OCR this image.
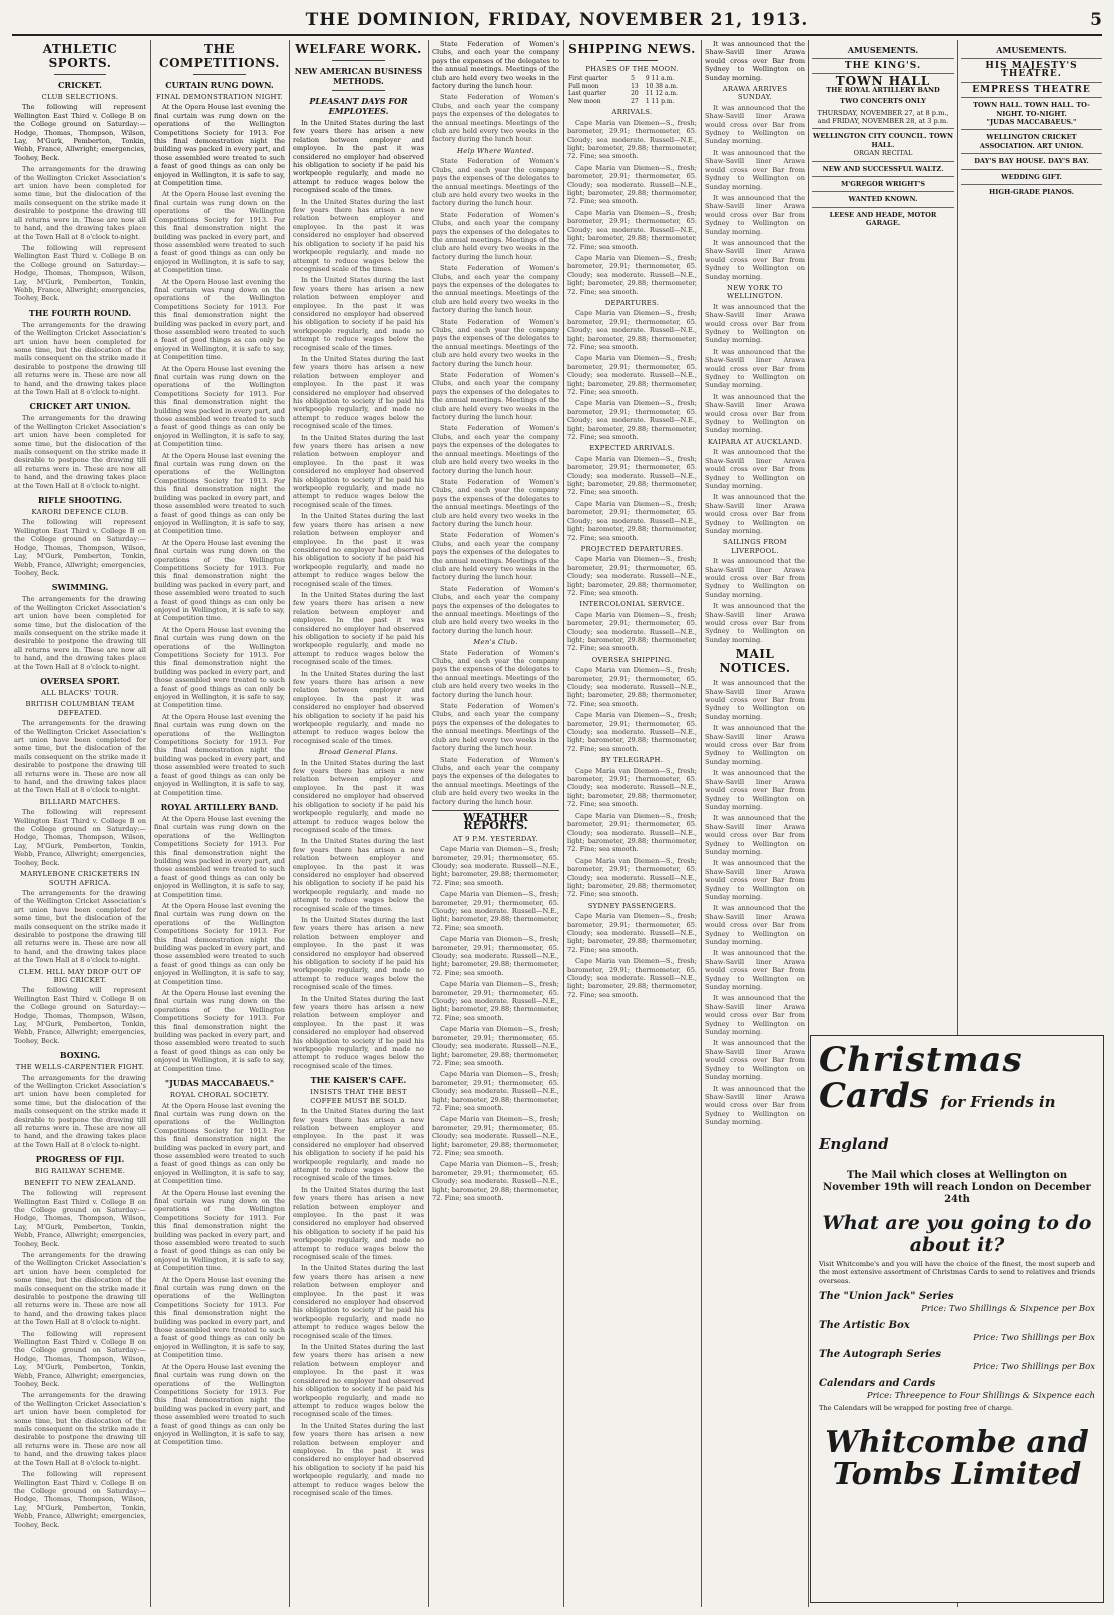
THE DOMINION, FRIDAY, NOVEMBER 21, 1913.	5
ATHLETIC SPORTS.
CRICKET.
CLUB SELECTIONS.

The following will represent Wellington East Third v. College B on the College ground on Saturday:—Hodge, Thomas, Thompson, Wilson, Lay, M'Gurk, Pemberton, Tonkin, Webb, France, Allwright; emergencies, Toohey, Beck.

The arrangements for the drawing of the Wellington Cricket Association's art union have been completed for some time, but the dislocation of the mails consequent on the strike made it desirable to postpone the drawing till all returns were in. These are now all to hand, and the drawing takes place at the Town Hall at 8 o'clock to-night.

The following will represent Wellington East Third v. College B on the College ground on Saturday:—Hodge, Thomas, Thompson, Wilson, Lay, M'Gurk, Pemberton, Tonkin, Webb, France, Allwright; emergencies, Toohey, Beck.

THE FOURTH ROUND.

The arrangements for the drawing of the Wellington Cricket Association's art union have been completed for some time, but the dislocation of the mails consequent on the strike made it desirable to postpone the drawing till all returns were in. These are now all to hand, and the drawing takes place at the Town Hall at 8 o'clock to-night.

CRICKET ART UNION.

The arrangements for the drawing of the Wellington Cricket Association's art union have been completed for some time, but the dislocation of the mails consequent on the strike made it desirable to postpone the drawing till all returns were in. These are now all to hand, and the drawing takes place at the Town Hall at 8 o'clock to-night.

RIFLE SHOOTING.
KARORI DEFENCE CLUB.

The following will represent Wellington East Third v. College B on the College ground on Saturday:—Hodge, Thomas, Thompson, Wilson, Lay, M'Gurk, Pemberton, Tonkin, Webb, France, Allwright; emergencies, Toohey, Beck.

SWIMMING.

The arrangements for the drawing of the Wellington Cricket Association's art union have been completed for some time, but the dislocation of the mails consequent on the strike made it desirable to postpone the drawing till all returns were in. These are now all to hand, and the drawing takes place at the Town Hall at 8 o'clock to-night.

OVERSEA SPORT.
ALL BLACKS' TOUR.
BRITISH COLUMBIAN TEAM DEFEATED.

The arrangements for the drawing of the Wellington Cricket Association's art union have been completed for some time, but the dislocation of the mails consequent on the strike made it desirable to postpone the drawing till all returns were in. These are now all to hand, and the drawing takes place at the Town Hall at 8 o'clock to-night.

BILLIARD MATCHES.

The following will represent Wellington East Third v. College B on the College ground on Saturday:—Hodge, Thomas, Thompson, Wilson, Lay, M'Gurk, Pemberton, Tonkin, Webb, France, Allwright; emergencies, Toohey, Beck.

MARYLEBONE CRICKETERS IN SOUTH AFRICA.

The arrangements for the drawing of the Wellington Cricket Association's art union have been completed for some time, but the dislocation of the mails consequent on the strike made it desirable to postpone the drawing till all returns were in. These are now all to hand, and the drawing takes place at the Town Hall at 8 o'clock to-night.

CLEM. HILL MAY DROP OUT OF BIG CRICKET.

The following will represent Wellington East Third v. College B on the College ground on Saturday:—Hodge, Thomas, Thompson, Wilson, Lay, M'Gurk, Pemberton, Tonkin, Webb, France, Allwright; emergencies, Toohey, Beck.

BOXING.
THE WELLS-CARPENTIER FIGHT.

The arrangements for the drawing of the Wellington Cricket Association's art union have been completed for some time, but the dislocation of the mails consequent on the strike made it desirable to postpone the drawing till all returns were in. These are now all to hand, and the drawing takes place at the Town Hall at 8 o'clock to-night.

PROGRESS OF FIJI.
BIG RAILWAY SCHEME.
BENEFIT TO NEW ZEALAND.

The following will represent Wellington East Third v. College B on the College ground on Saturday:—Hodge, Thomas, Thompson, Wilson, Lay, M'Gurk, Pemberton, Tonkin, Webb, France, Allwright; emergencies, Toohey, Beck.

The arrangements for the drawing of the Wellington Cricket Association's art union have been completed for some time, but the dislocation of the mails consequent on the strike made it desirable to postpone the drawing till all returns were in. These are now all to hand, and the drawing takes place at the Town Hall at 8 o'clock to-night.

The following will represent Wellington East Third v. College B on the College ground on Saturday:—Hodge, Thomas, Thompson, Wilson, Lay, M'Gurk, Pemberton, Tonkin, Webb, France, Allwright; emergencies, Toohey, Beck.

The arrangements for the drawing of the Wellington Cricket Association's art union have been completed for some time, but the dislocation of the mails consequent on the strike made it desirable to postpone the drawing till all returns were in. These are now all to hand, and the drawing takes place at the Town Hall at 8 o'clock to-night.

The following will represent Wellington East Third v. College B on the College ground on Saturday:—Hodge, Thomas, Thompson, Wilson, Lay, M'Gurk, Pemberton, Tonkin, Webb, France, Allwright; emergencies, Toohey, Beck.

THE COMPETITIONS.
CURTAIN RUNG DOWN.
FINAL DEMONSTRATION NIGHT.

At the Opera House last evening the final curtain was rung down on the operations of the Wellington Competitions Society for 1913. For this final demonstration night the building was packed in every part, and those assembled were treated to such a feast of good things as can only be enjoyed in Wellington, it is safe to say, at Competition time.

At the Opera House last evening the final curtain was rung down on the operations of the Wellington Competitions Society for 1913. For this final demonstration night the building was packed in every part, and those assembled were treated to such a feast of good things as can only be enjoyed in Wellington, it is safe to say, at Competition time.

At the Opera House last evening the final curtain was rung down on the operations of the Wellington Competitions Society for 1913. For this final demonstration night the building was packed in every part, and those assembled were treated to such a feast of good things as can only be enjoyed in Wellington, it is safe to say, at Competition time.

At the Opera House last evening the final curtain was rung down on the operations of the Wellington Competitions Society for 1913. For this final demonstration night the building was packed in every part, and those assembled were treated to such a feast of good things as can only be enjoyed in Wellington, it is safe to say, at Competition time.

At the Opera House last evening the final curtain was rung down on the operations of the Wellington Competitions Society for 1913. For this final demonstration night the building was packed in every part, and those assembled were treated to such a feast of good things as can only be enjoyed in Wellington, it is safe to say, at Competition time.

At the Opera House last evening the final curtain was rung down on the operations of the Wellington Competitions Society for 1913. For this final demonstration night the building was packed in every part, and those assembled were treated to such a feast of good things as can only be enjoyed in Wellington, it is safe to say, at Competition time.

At the Opera House last evening the final curtain was rung down on the operations of the Wellington Competitions Society for 1913. For this final demonstration night the building was packed in every part, and those assembled were treated to such a feast of good things as can only be enjoyed in Wellington, it is safe to say, at Competition time.

At the Opera House last evening the final curtain was rung down on the operations of the Wellington Competitions Society for 1913. For this final demonstration night the building was packed in every part, and those assembled were treated to such a feast of good things as can only be enjoyed in Wellington, it is safe to say, at Competition time.

ROYAL ARTILLERY BAND.

At the Opera House last evening the final curtain was rung down on the operations of the Wellington Competitions Society for 1913. For this final demonstration night the building was packed in every part, and those assembled were treated to such a feast of good things as can only be enjoyed in Wellington, it is safe to say, at Competition time.

At the Opera House last evening the final curtain was rung down on the operations of the Wellington Competitions Society for 1913. For this final demonstration night the building was packed in every part, and those assembled were treated to such a feast of good things as can only be enjoyed in Wellington, it is safe to say, at Competition time.

At the Opera House last evening the final curtain was rung down on the operations of the Wellington Competitions Society for 1913. For this final demonstration night the building was packed in every part, and those assembled were treated to such a feast of good things as can only be enjoyed in Wellington, it is safe to say, at Competition time.

"JUDAS MACCABAEUS."
ROYAL CHORAL SOCIETY.

At the Opera House last evening the final curtain was rung down on the operations of the Wellington Competitions Society for 1913. For this final demonstration night the building was packed in every part, and those assembled were treated to such a feast of good things as can only be enjoyed in Wellington, it is safe to say, at Competition time.

At the Opera House last evening the final curtain was rung down on the operations of the Wellington Competitions Society for 1913. For this final demonstration night the building was packed in every part, and those assembled were treated to such a feast of good things as can only be enjoyed in Wellington, it is safe to say, at Competition time.

At the Opera House last evening the final curtain was rung down on the operations of the Wellington Competitions Society for 1913. For this final demonstration night the building was packed in every part, and those assembled were treated to such a feast of good things as can only be enjoyed in Wellington, it is safe to say, at Competition time.

At the Opera House last evening the final curtain was rung down on the operations of the Wellington Competitions Society for 1913. For this final demonstration night the building was packed in every part, and those assembled were treated to such a feast of good things as can only be enjoyed in Wellington, it is safe to say, at Competition time.

WELFARE WORK.
NEW AMERICAN BUSINESS METHODS.
PLEASANT DAYS FOR EMPLOYEES.

In the United States during the last few years there has arisen a new relation between employer and employee. In the past it was considered no employer had observed his obligation to society if he paid his workpeople regularly, and made no attempt to reduce wages below the recognised scale of the times.

In the United States during the last few years there has arisen a new relation between employer and employee. In the past it was considered no employer had observed his obligation to society if he paid his workpeople regularly, and made no attempt to reduce wages below the recognised scale of the times.

In the United States during the last few years there has arisen a new relation between employer and employee. In the past it was considered no employer had observed his obligation to society if he paid his workpeople regularly, and made no attempt to reduce wages below the recognised scale of the times.

In the United States during the last few years there has arisen a new relation between employer and employee. In the past it was considered no employer had observed his obligation to society if he paid his workpeople regularly, and made no attempt to reduce wages below the recognised scale of the times.

In the United States during the last few years there has arisen a new relation between employer and employee. In the past it was considered no employer had observed his obligation to society if he paid his workpeople regularly, and made no attempt to reduce wages below the recognised scale of the times.

In the United States during the last few years there has arisen a new relation between employer and employee. In the past it was considered no employer had observed his obligation to society if he paid his workpeople regularly, and made no attempt to reduce wages below the recognised scale of the times.

In the United States during the last few years there has arisen a new relation between employer and employee. In the past it was considered no employer had observed his obligation to society if he paid his workpeople regularly, and made no attempt to reduce wages below the recognised scale of the times.

In the United States during the last few years there has arisen a new relation between employer and employee. In the past it was considered no employer had observed his obligation to society if he paid his workpeople regularly, and made no attempt to reduce wages below the recognised scale of the times.

Broad General Plans.

In the United States during the last few years there has arisen a new relation between employer and employee. In the past it was considered no employer had observed his obligation to society if he paid his workpeople regularly, and made no attempt to reduce wages below the recognised scale of the times.

In the United States during the last few years there has arisen a new relation between employer and employee. In the past it was considered no employer had observed his obligation to society if he paid his workpeople regularly, and made no attempt to reduce wages below the recognised scale of the times.

In the United States during the last few years there has arisen a new relation between employer and employee. In the past it was considered no employer had observed his obligation to society if he paid his workpeople regularly, and made no attempt to reduce wages below the recognised scale of the times.

In the United States during the last few years there has arisen a new relation between employer and employee. In the past it was considered no employer had observed his obligation to society if he paid his workpeople regularly, and made no attempt to reduce wages below the recognised scale of the times.

THE KAISER'S CAFE.
INSISTS THAT THE BEST COFFEE MUST BE SOLD.

In the United States during the last few years there has arisen a new relation between employer and employee. In the past it was considered no employer had observed his obligation to society if he paid his workpeople regularly, and made no attempt to reduce wages below the recognised scale of the times.

In the United States during the last few years there has arisen a new relation between employer and employee. In the past it was considered no employer had observed his obligation to society if he paid his workpeople regularly, and made no attempt to reduce wages below the recognised scale of the times.

In the United States during the last few years there has arisen a new relation between employer and employee. In the past it was considered no employer had observed his obligation to society if he paid his workpeople regularly, and made no attempt to reduce wages below the recognised scale of the times.

In the United States during the last few years there has arisen a new relation between employer and employee. In the past it was considered no employer had observed his obligation to society if he paid his workpeople regularly, and made no attempt to reduce wages below the recognised scale of the times.

In the United States during the last few years there has arisen a new relation between employer and employee. In the past it was considered no employer had observed his obligation to society if he paid his workpeople regularly, and made no attempt to reduce wages below the recognised scale of the times.

State Federation of Women's Clubs, and each year the company pays the expenses of the delegates to the annual meetings. Meetings of the club are held every two weeks in the factory during the lunch hour.

State Federation of Women's Clubs, and each year the company pays the expenses of the delegates to the annual meetings. Meetings of the club are held every two weeks in the factory during the lunch hour.

Help Where Wanted.

State Federation of Women's Clubs, and each year the company pays the expenses of the delegates to the annual meetings. Meetings of the club are held every two weeks in the factory during the lunch hour.

State Federation of Women's Clubs, and each year the company pays the expenses of the delegates to the annual meetings. Meetings of the club are held every two weeks in the factory during the lunch hour.

State Federation of Women's Clubs, and each year the company pays the expenses of the delegates to the annual meetings. Meetings of the club are held every two weeks in the factory during the lunch hour.

State Federation of Women's Clubs, and each year the company pays the expenses of the delegates to the annual meetings. Meetings of the club are held every two weeks in the factory during the lunch hour.

State Federation of Women's Clubs, and each year the company pays the expenses of the delegates to the annual meetings. Meetings of the club are held every two weeks in the factory during the lunch hour.

State Federation of Women's Clubs, and each year the company pays the expenses of the delegates to the annual meetings. Meetings of the club are held every two weeks in the factory during the lunch hour.

State Federation of Women's Clubs, and each year the company pays the expenses of the delegates to the annual meetings. Meetings of the club are held every two weeks in the factory during the lunch hour.

State Federation of Women's Clubs, and each year the company pays the expenses of the delegates to the annual meetings. Meetings of the club are held every two weeks in the factory during the lunch hour.

State Federation of Women's Clubs, and each year the company pays the expenses of the delegates to the annual meetings. Meetings of the club are held every two weeks in the factory during the lunch hour.

Men's Club.

State Federation of Women's Clubs, and each year the company pays the expenses of the delegates to the annual meetings. Meetings of the club are held every two weeks in the factory during the lunch hour.

State Federation of Women's Clubs, and each year the company pays the expenses of the delegates to the annual meetings. Meetings of the club are held every two weeks in the factory during the lunch hour.

State Federation of Women's Clubs, and each year the company pays the expenses of the delegates to the annual meetings. Meetings of the club are held every two weeks in the factory during the lunch hour.

WEATHER REPORTS.
AT 9 P.M. YESTERDAY.

Cape Maria van Diemen—S., fresh; barometer, 29.91; thermometer, 65. Cloudy; sea moderate. Russell—N.E., light; barometer, 29.88; thermometer, 72. Fine; sea smooth.

Cape Maria van Diemen—S., fresh; barometer, 29.91; thermometer, 65. Cloudy; sea moderate. Russell—N.E., light; barometer, 29.88; thermometer, 72. Fine; sea smooth.

Cape Maria van Diemen—S., fresh; barometer, 29.91; thermometer, 65. Cloudy; sea moderate. Russell—N.E., light; barometer, 29.88; thermometer, 72. Fine; sea smooth.

Cape Maria van Diemen—S., fresh; barometer, 29.91; thermometer, 65. Cloudy; sea moderate. Russell—N.E., light; barometer, 29.88; thermometer, 72. Fine; sea smooth.

Cape Maria van Diemen—S., fresh; barometer, 29.91; thermometer, 65. Cloudy; sea moderate. Russell—N.E., light; barometer, 29.88; thermometer, 72. Fine; sea smooth.

Cape Maria van Diemen—S., fresh; barometer, 29.91; thermometer, 65. Cloudy; sea moderate. Russell—N.E., light; barometer, 29.88; thermometer, 72. Fine; sea smooth.

Cape Maria van Diemen—S., fresh; barometer, 29.91; thermometer, 65. Cloudy; sea moderate. Russell—N.E., light; barometer, 29.88; thermometer, 72. Fine; sea smooth.

Cape Maria van Diemen—S., fresh; barometer, 29.91; thermometer, 65. Cloudy; sea moderate. Russell—N.E., light; barometer, 29.88; thermometer, 72. Fine; sea smooth.

SHIPPING NEWS.
PHASES OF THE MOON.
First quarter	5	9 11 a.m.
Full moon	13	10 38 a.m.
Last quarter	20	11 12 a.m.
New moon	27	1 11 p.m.
ARRIVALS.

Cape Maria van Diemen—S., fresh; barometer, 29.91; thermometer, 65. Cloudy; sea moderate. Russell—N.E., light; barometer, 29.88; thermometer, 72. Fine; sea smooth.

Cape Maria van Diemen—S., fresh; barometer, 29.91; thermometer, 65. Cloudy; sea moderate. Russell—N.E., light; barometer, 29.88; thermometer, 72. Fine; sea smooth.

Cape Maria van Diemen—S., fresh; barometer, 29.91; thermometer, 65. Cloudy; sea moderate. Russell—N.E., light; barometer, 29.88; thermometer, 72. Fine; sea smooth.

Cape Maria van Diemen—S., fresh; barometer, 29.91; thermometer, 65. Cloudy; sea moderate. Russell—N.E., light; barometer, 29.88; thermometer, 72. Fine; sea smooth.

DEPARTURES.

Cape Maria van Diemen—S., fresh; barometer, 29.91; thermometer, 65. Cloudy; sea moderate. Russell—N.E., light; barometer, 29.88; thermometer, 72. Fine; sea smooth.

Cape Maria van Diemen—S., fresh; barometer, 29.91; thermometer, 65. Cloudy; sea moderate. Russell—N.E., light; barometer, 29.88; thermometer, 72. Fine; sea smooth.

Cape Maria van Diemen—S., fresh; barometer, 29.91; thermometer, 65. Cloudy; sea moderate. Russell—N.E., light; barometer, 29.88; thermometer, 72. Fine; sea smooth.

EXPECTED ARRIVALS.

Cape Maria van Diemen—S., fresh; barometer, 29.91; thermometer, 65. Cloudy; sea moderate. Russell—N.E., light; barometer, 29.88; thermometer, 72. Fine; sea smooth.

Cape Maria van Diemen—S., fresh; barometer, 29.91; thermometer, 65. Cloudy; sea moderate. Russell—N.E., light; barometer, 29.88; thermometer, 72. Fine; sea smooth.

PROJECTED DEPARTURES.

Cape Maria van Diemen—S., fresh; barometer, 29.91; thermometer, 65. Cloudy; sea moderate. Russell—N.E., light; barometer, 29.88; thermometer, 72. Fine; sea smooth.

INTERCOLONIAL SERVICE.

Cape Maria van Diemen—S., fresh; barometer, 29.91; thermometer, 65. Cloudy; sea moderate. Russell—N.E., light; barometer, 29.88; thermometer, 72. Fine; sea smooth.

OVERSEA SHIPPING.

Cape Maria van Diemen—S., fresh; barometer, 29.91; thermometer, 65. Cloudy; sea moderate. Russell—N.E., light; barometer, 29.88; thermometer, 72. Fine; sea smooth.

Cape Maria van Diemen—S., fresh; barometer, 29.91; thermometer, 65. Cloudy; sea moderate. Russell—N.E., light; barometer, 29.88; thermometer, 72. Fine; sea smooth.

BY TELEGRAPH.

Cape Maria van Diemen—S., fresh; barometer, 29.91; thermometer, 65. Cloudy; sea moderate. Russell—N.E., light; barometer, 29.88; thermometer, 72. Fine; sea smooth.

Cape Maria van Diemen—S., fresh; barometer, 29.91; thermometer, 65. Cloudy; sea moderate. Russell—N.E., light; barometer, 29.88; thermometer, 72. Fine; sea smooth.

Cape Maria van Diemen—S., fresh; barometer, 29.91; thermometer, 65. Cloudy; sea moderate. Russell—N.E., light; barometer, 29.88; thermometer, 72. Fine; sea smooth.

SYDNEY PASSENGERS.

Cape Maria van Diemen—S., fresh; barometer, 29.91; thermometer, 65. Cloudy; sea moderate. Russell—N.E., light; barometer, 29.88; thermometer, 72. Fine; sea smooth.

Cape Maria van Diemen—S., fresh; barometer, 29.91; thermometer, 65. Cloudy; sea moderate. Russell—N.E., light; barometer, 29.88; thermometer, 72. Fine; sea smooth.

It was announced that the Shaw-Savill liner Arawa would cross over Bar from Sydney to Wellington on Sunday morning.

ARAWA ARRIVES SUNDAY.

It was announced that the Shaw-Savill liner Arawa would cross over Bar from Sydney to Wellington on Sunday morning.

It was announced that the Shaw-Savill liner Arawa would cross over Bar from Sydney to Wellington on Sunday morning.

It was announced that the Shaw-Savill liner Arawa would cross over Bar from Sydney to Wellington on Sunday morning.

It was announced that the Shaw-Savill liner Arawa would cross over Bar from Sydney to Wellington on Sunday morning.

NEW YORK TO WELLINGTON.

It was announced that the Shaw-Savill liner Arawa would cross over Bar from Sydney to Wellington on Sunday morning.

It was announced that the Shaw-Savill liner Arawa would cross over Bar from Sydney to Wellington on Sunday morning.

It was announced that the Shaw-Savill liner Arawa would cross over Bar from Sydney to Wellington on Sunday morning.

KAIPARA AT AUCKLAND.

It was announced that the Shaw-Savill liner Arawa would cross over Bar from Sydney to Wellington on Sunday morning.

It was announced that the Shaw-Savill liner Arawa would cross over Bar from Sydney to Wellington on Sunday morning.

SAILINGS FROM LIVERPOOL.

It was announced that the Shaw-Savill liner Arawa would cross over Bar from Sydney to Wellington on Sunday morning.

It was announced that the Shaw-Savill liner Arawa would cross over Bar from Sydney to Wellington on Sunday morning.

MAIL NOTICES.

It was announced that the Shaw-Savill liner Arawa would cross over Bar from Sydney to Wellington on Sunday morning.

It was announced that the Shaw-Savill liner Arawa would cross over Bar from Sydney to Wellington on Sunday morning.

It was announced that the Shaw-Savill liner Arawa would cross over Bar from Sydney to Wellington on Sunday morning.

It was announced that the Shaw-Savill liner Arawa would cross over Bar from Sydney to Wellington on Sunday morning.

It was announced that the Shaw-Savill liner Arawa would cross over Bar from Sydney to Wellington on Sunday morning.

It was announced that the Shaw-Savill liner Arawa would cross over Bar from Sydney to Wellington on Sunday morning.

It was announced that the Shaw-Savill liner Arawa would cross over Bar from Sydney to Wellington on Sunday morning.

It was announced that the Shaw-Savill liner Arawa would cross over Bar from Sydney to Wellington on Sunday morning.

It was announced that the Shaw-Savill liner Arawa would cross over Bar from Sydney to Wellington on Sunday morning.

It was announced that the Shaw-Savill liner Arawa would cross over Bar from Sydney to Wellington on Sunday morning.

AMUSEMENTS.
THE KING'S.
TOWN HALL
THE ROYAL ARTILLERY BAND
TWO CONCERTS ONLY
THURSDAY, NOVEMBER 27, at 8 p.m., and FRIDAY, NOVEMBER 28, at 3 p.m.
WELLINGTON CITY COUNCIL. TOWN HALL.
ORGAN RECITAL
NEW AND SUCCESSFUL WALTZ.
M'GREGOR WRIGHT'S
WANTED KNOWN.
LEESE AND HEADE, MOTOR GARAGE.
AMUSEMENTS.
HIS MAJESTY'S THEATRE.
EMPRESS THEATRE
TOWN HALL. TOWN HALL. TO-NIGHT. TO-NIGHT.
"JUDAS MACCABAEUS."
WELLINGTON CRICKET ASSOCIATION. ART UNION.
DAY'S BAY HOUSE. DAY'S BAY.
WEDDING GIFT.
HIGH-GRADE PIANOS.
Christmas
Cards for Friends in England
The Mail which closes at Wellington on November 19th will reach London on December 24th
What are you going to do about it?
Visit Whitcombe's and you will have the choice of the finest, the most superb and the most extensive assortment of Christmas Cards to send to relatives and friends overseas.
The "Union Jack" Series
Price: Two Shillings & Sixpence per Box
The Artistic Box
Price: Two Shillings per Box
The Autograph Series
Price: Two Shillings per Box
Calendars and Cards
Price: Threepence to Four Shillings & Sixpence each
The Calendars will be wrapped for posting free of charge.
Whitcombe and Tombs Limited
